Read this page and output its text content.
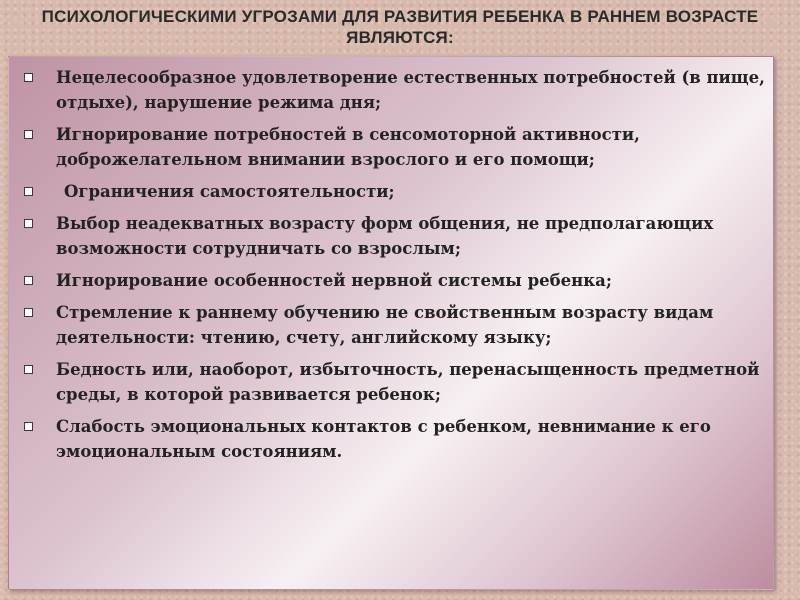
ПСИХОЛОГИЧЕСКИМИ УГРОЗАМИ ДЛЯ РАЗВИТИЯ РЕБЕНКА В РАННЕМ ВОЗРАСТЕ ЯВЛЯЮТСЯ:
Нецелесообразное удовлетворение естественных потребностей (в пище, отдыхе), нарушение режима дня;
Игнорирование потребностей в сенсомоторной активности, доброжелательном внимании взрослого и его помощи;
Ограничения самостоятельности;
Выбор неадекватных возрасту форм общения, не предполагающих возможности сотрудничать со взрослым;
Игнорирование особенностей нервной системы ребенка;
Стремление к раннему обучению не свойственным возрасту видам деятельности: чтению, счету, английскому языку;
Бедность или, наоборот, избыточность, перенасыщенность предметной среды, в которой развивается ребенок;
Слабость эмоциональных контактов с ребенком, невнимание к его эмоциональным состояниям.
